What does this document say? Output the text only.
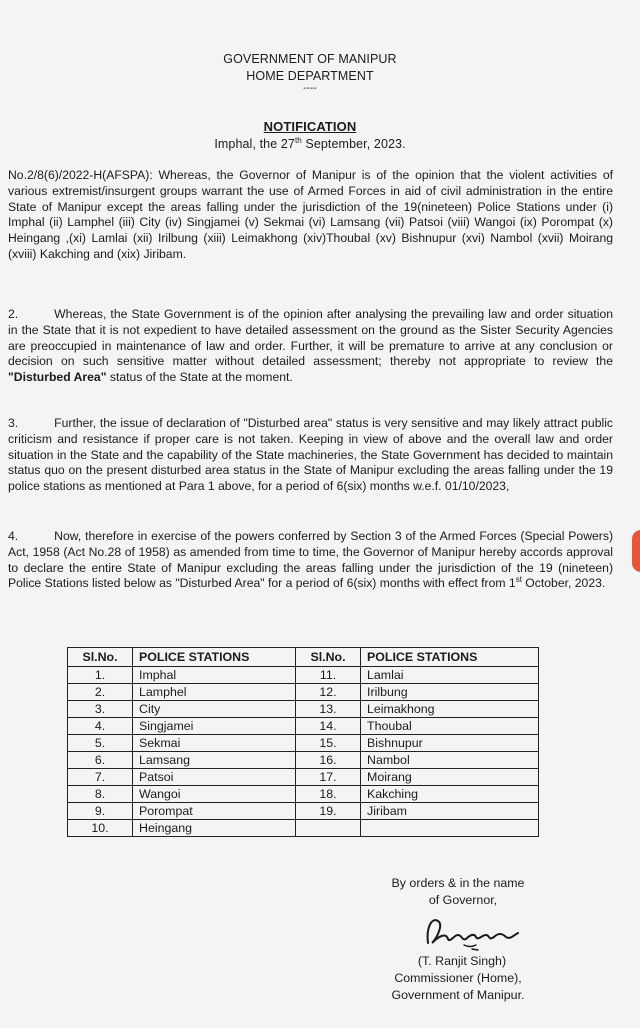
GOVERNMENT OF MANIPUR
HOME DEPARTMENT
----
NOTIFICATION
Imphal, the 27th September, 2023.
No.2/8(6)/2022-H(AFSPA): Whereas, the Governor of Manipur is of the opinion that the violent activities of various extremist/insurgent groups warrant the use of Armed Forces in aid of civil administration in the entire State of Manipur except the areas falling under the jurisdiction of the 19(nineteen) Police Stations under (i) Imphal (ii) Lamphel (iii) City (iv) Singjamei (v) Sekmai (vi) Lamsang (vii) Patsoi (viii) Wangoi (ix) Porompat (x) Heingang ,(xi) Lamlai (xii) Irilbung (xiii) Leimakhong (xiv)Thoubal (xv) Bishnupur (xvi) Nambol (xvii) Moirang (xviii) Kakching and (xix) Jiribam.
2.	Whereas, the State Government is of the opinion after analysing the prevailing law and order situation in the State that it is not expedient to have detailed assessment on the ground as the Sister Security Agencies are preoccupied in maintenance of law and order. Further, it will be premature to arrive at any conclusion or decision on such sensitive matter without detailed assessment; thereby not appropriate to review the "Disturbed Area" status of the State at the moment.
3.	Further, the issue of declaration of "Disturbed area" status is very sensitive and may likely attract public criticism and resistance if proper care is not taken. Keeping in view of above and the overall law and order situation in the State and the capability of the State machineries, the State Government has decided to maintain status quo on the present disturbed area status in the State of Manipur excluding the areas falling under the 19 police stations as mentioned at Para 1 above, for a period of 6(six) months w.e.f. 01/10/2023,
4.	Now, therefore in exercise of the powers conferred by Section 3 of the Armed Forces (Special Powers) Act, 1958 (Act No.28 of 1958) as amended from time to time, the Governor of Manipur hereby accords approval to declare the entire State of Manipur excluding the areas falling under the jurisdiction of the 19 (nineteen) Police Stations listed below as "Disturbed Area" for a period of 6(six) months with effect from 1st October, 2023.
Sl.No.	POLICE STATIONS	Sl.No.	POLICE STATIONS
1.	Imphal	11.	Lamlai
2.	Lamphel	12.	Irilbung
3.	City	13.	Leimakhong
4.	Singjamei	14.	Thoubal
5.	Sekmai	15.	Bishnupur
6.	Lamsang	16.	Nambol
7.	Patsoi	17.	Moirang
8.	Wangoi	18.	Kakching
9.	Porompat	19.	Jiribam
10.	Heingang		
By orders & in the name
of Governor,
(T. Ranjit Singh)
Commissioner (Home),
Government of Manipur.
